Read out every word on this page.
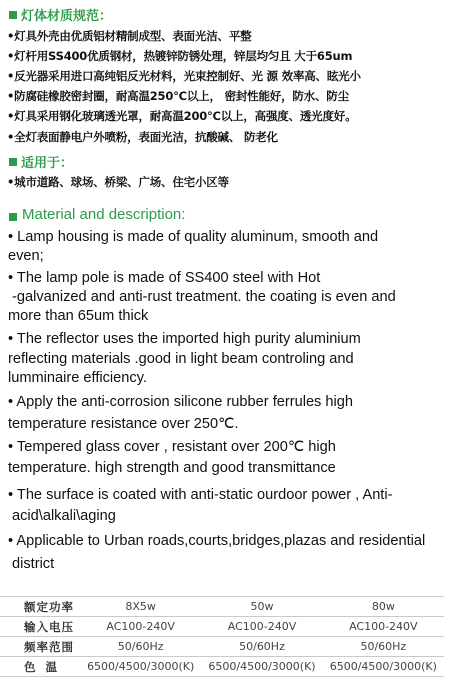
灯体材质规范：
•灯具外壳由优质铝材精制成型、表面光洁、平整
•灯杆用SS400优质钢材，热镀锌防锈处理，锌层均匀且 大于65um
•反光器采用进口高纯铝反光材料，光束控制好、光 源 效率高、眩光小
•防腐硅橡胶密封圈，耐高温250℃以上， 密封性能好，防水、防尘
•灯具采用钢化玻璃透光罩，耐高温200℃以上，高强度、透光度好。
•全灯表面静电户外喷粉，表面光洁，抗酸碱、 防老化
适用于：
•城市道路、球场、桥梁、广场、住宅小区等
Material and description:
• Lamp housing is made of quality aluminum, smooth and
even;
• The lamp pole is made of SS400 steel with Hot
-galvanized and anti-rust treatment. the coating is even and
more than 65um thick
• The reflector uses the imported high purity aluminium
reflecting materials .good in light beam controling and
lumminaire efficiency.
• Apply the anti-corrosion silicone rubber ferrules high
temperature resistance over 250℃.
• Tempered glass cover , resistant over 200℃ high
temperature. high strength and good transmittance
• The surface is coated with anti-static ourdoor power , Anti-
acid\alkali\aging
• Applicable to Urban roads,courts,bridges,plazas and residential
district
额定功率	8X5w	50w	80w
输入电压	AC100-240V	AC100-240V	AC100-240V
频率范围	50/60Hz	50/60Hz	50/60Hz
色温	6500/4500/3000(K)	6500/4500/3000(K)	6500/4500/3000(K)
